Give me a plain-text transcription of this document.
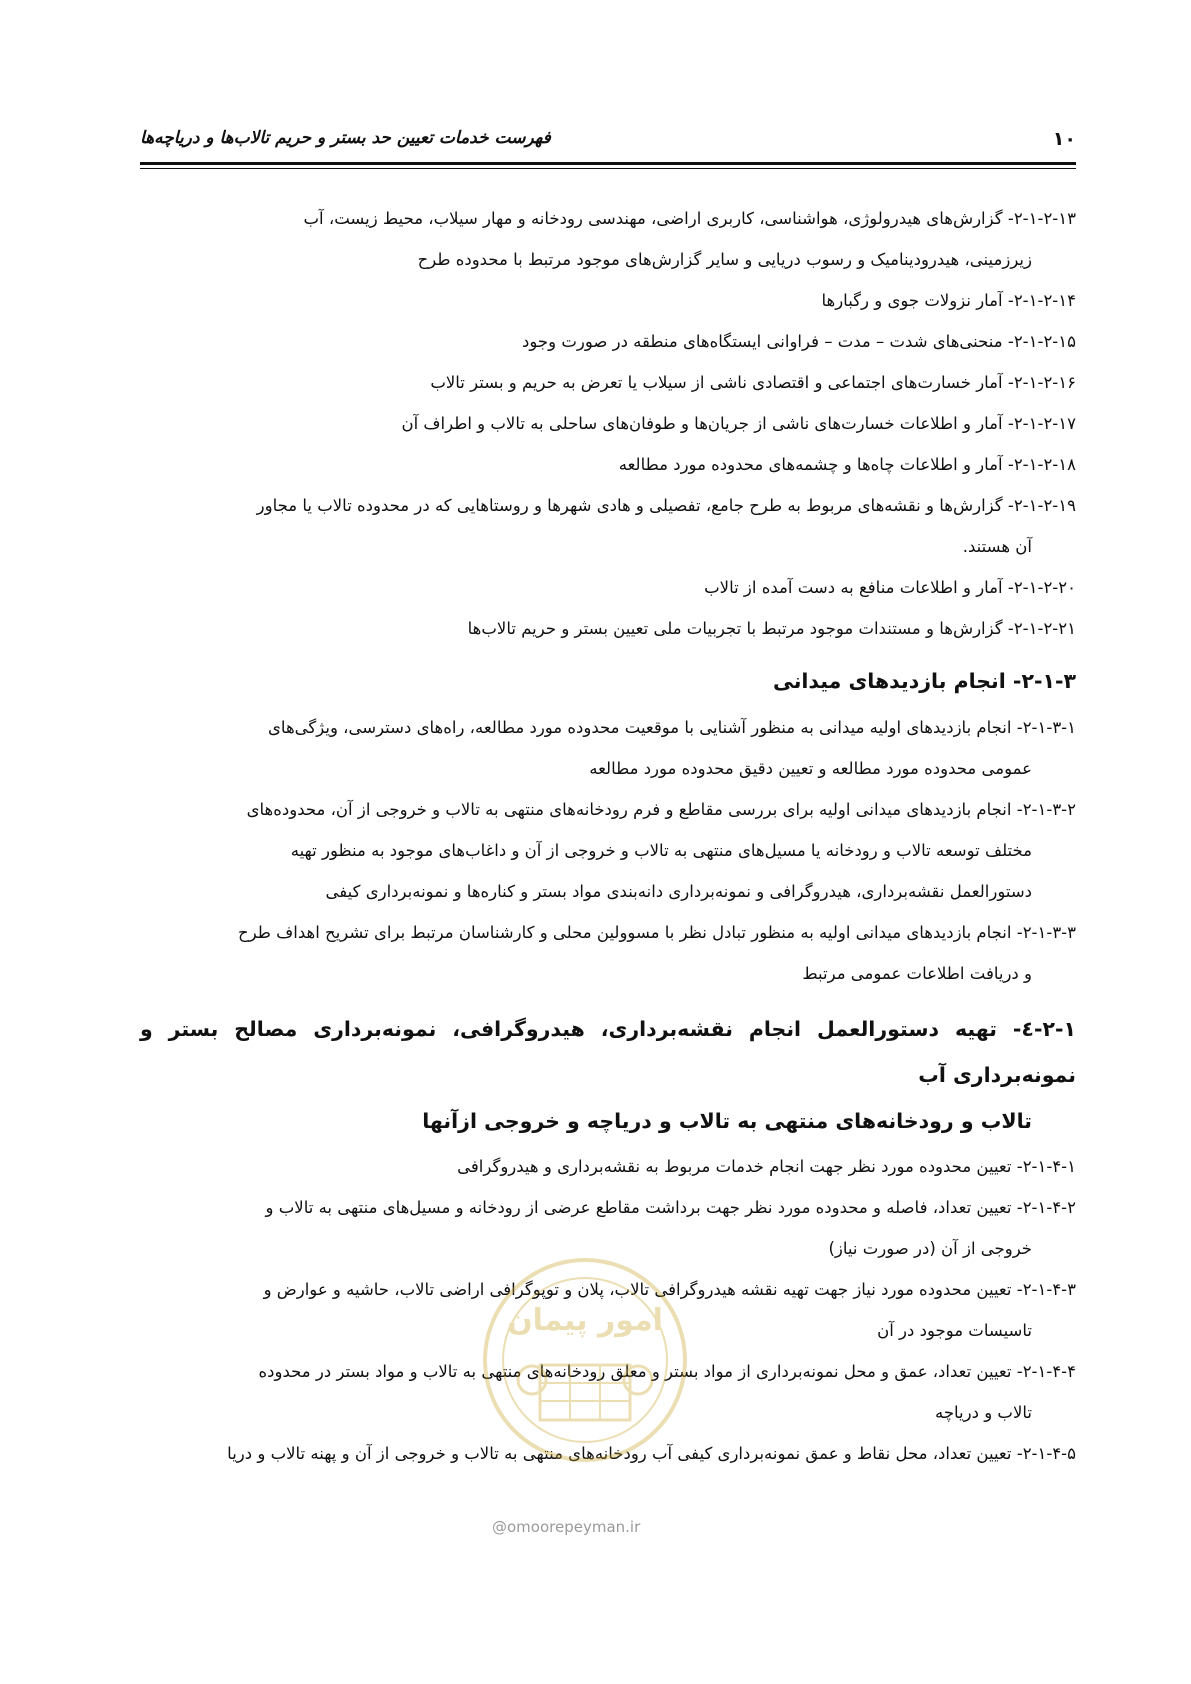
۱۰
فهرست خدمات تعیین حد بستر و حریم تالاب‌ها و دریاچه‌ها
۲-۱-۲-۱۳- گزارش‌های هیدرولوژی، هواشناسی، کاربری اراضی، مهندسی رودخانه و مهار سیلاب، محیط زیست، آب
زیرزمینی، هیدرودینامیک و رسوب دریایی و سایر گزارش‌های موجود مرتبط با محدوده طرح
۲-۱-۲-۱۴- آمار نزولات جوی و رگبارها
۲-۱-۲-۱۵- منحنی‌های شدت – مدت – فراوانی ایستگاه‌های منطقه در صورت وجود
۲-۱-۲-۱۶- آمار خسارت‌های اجتماعی و اقتصادی ناشی از سیلاب یا تعرض به حریم و بستر تالاب
۲-۱-۲-۱۷- آمار و اطلاعات خسارت‌های ناشی از جریان‌ها و طوفان‌های ساحلی به تالاب و اطراف آن
۲-۱-۲-۱۸- آمار و اطلاعات چاه‌ها و چشمه‌های محدوده مورد مطالعه
۲-۱-۲-۱۹- گزارش‌ها و نقشه‌های مربوط به طرح جامع، تفصیلی و هادی شهرها و روستاهایی که در محدوده تالاب یا مجاور
آن هستند.
۲-۱-۲-۲۰- آمار و اطلاعات منافع به دست آمده از تالاب
۲-۱-۲-۲۱- گزارش‌ها و مستندات موجود مرتبط با تجربیات ملی تعیین بستر و حریم تالاب‌ها
۲-۱-۳- انجام بازدیدهای میدانی
۲-۱-۳-۱- انجام بازدیدهای اولیه میدانی به منظور آشنایی با موقعیت محدوده مورد مطالعه، راه‌های دسترسی، ویژگی‌های
عمومی محدوده مورد مطالعه و تعیین دقیق محدوده مورد مطالعه
۲-۱-۳-۲- انجام بازدیدهای میدانی اولیه برای بررسی مقاطع و فرم رودخانه‌های منتهی به تالاب و خروجی از آن، محدوده‌های
مختلف توسعه تالاب و رودخانه یا مسیل‌های منتهی به تالاب و خروجی از آن و داغاب‌های موجود به منظور تهیه
دستورالعمل نقشه‌برداری، هیدروگرافی و نمونه‌برداری دانه‌بندی مواد بستر و کناره‌ها و نمونه‌برداری کیفی
۲-۱-۳-۳- انجام بازدیدهای میدانی اولیه به منظور تبادل نظر با مسوولین محلی و کارشناسان مرتبط برای تشریح اهداف طرح
و دریافت اطلاعات عمومی مرتبط
۲-۱-٤- تهیه دستورالعمل انجام نقشه‌برداری، هیدروگرافی، نمونه‌برداری مصالح بستر و نمونه‌برداری آب
تالاب و رودخانه‌های منتهی به تالاب و دریاچه و خروجی ازآنها
۲-۱-۴-۱- تعیین محدوده مورد نظر جهت انجام خدمات مربوط به نقشه‌برداری و هیدروگرافی
۲-۱-۴-۲- تعیین تعداد، فاصله و محدوده مورد نظر جهت برداشت مقاطع عرضی از رودخانه و مسیل‌های منتهی به تالاب و
خروجی از آن (در صورت نیاز)
۲-۱-۴-۳- تعیین محدوده مورد نیاز جهت تهیه نقشه هیدروگرافی تالاب، پلان و توپوگرافی اراضی تالاب، حاشیه و عوارض و
تاسیسات موجود در آن
۲-۱-۴-۴- تعیین تعداد، عمق و محل نمونه‌برداری از مواد بستر و معلق رودخانه‌های منتهی به تالاب و مواد بستر در محدوده
تالاب و دریاچه
۲-۱-۴-۵- تعیین تعداد، محل نقاط و عمق نمونه‌برداری کیفی آب رودخانه‌های منتهی به تالاب و خروجی از آن و پهنه تالاب و دریا
امور پیمان
@omoorepeyman.ir
